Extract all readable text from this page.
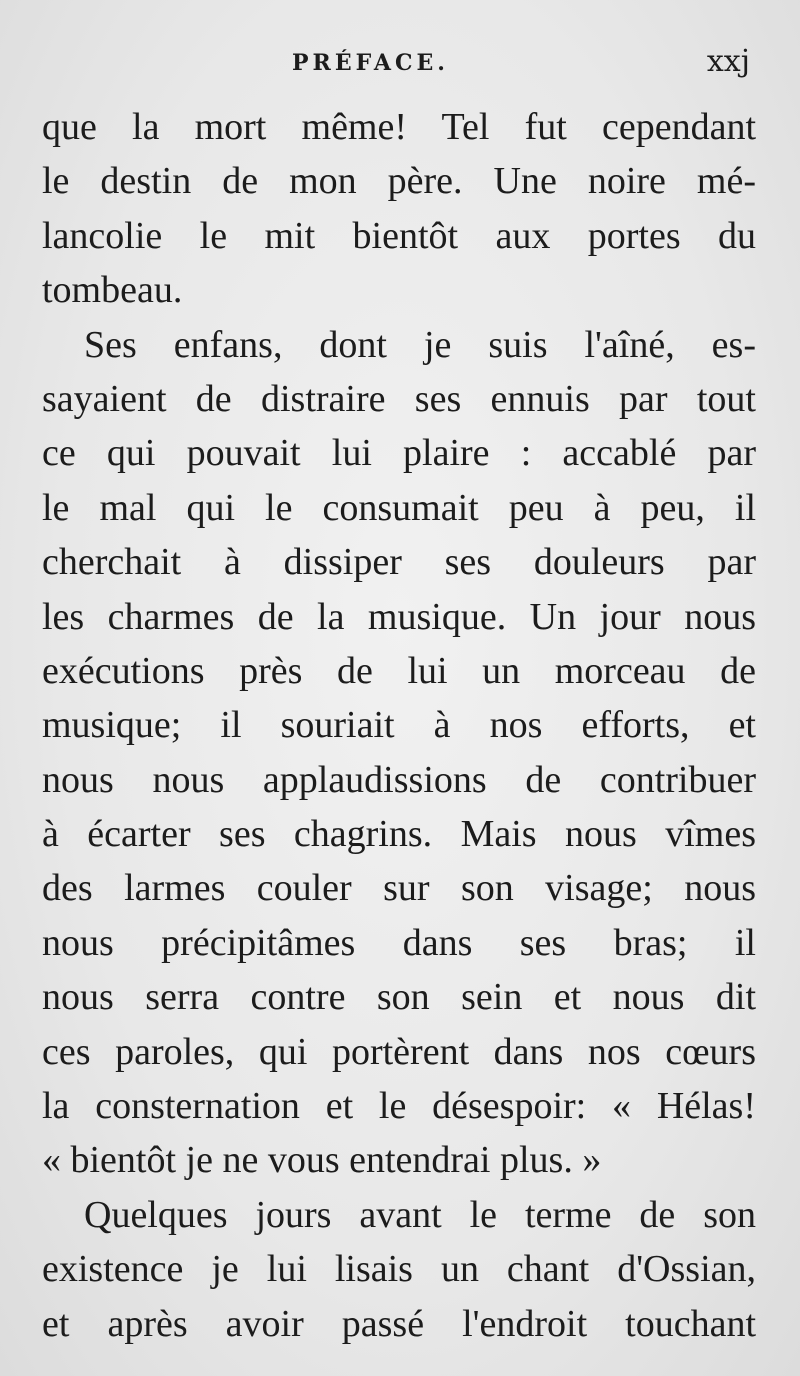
PRÉFACE.	xxj
que la mort même! Tel fut cependant
le destin de mon père. Une noire mé-
lancolie le mit bientôt aux portes du
tombeau.
Ses enfans, dont je suis l'aîné, es-
sayaient de distraire ses ennuis par tout
ce qui pouvait lui plaire : accablé par
le mal qui le consumait peu à peu, il
cherchait à dissiper ses douleurs par
les charmes de la musique. Un jour nous
exécutions près de lui un morceau de
musique; il souriait à nos efforts, et
nous nous applaudissions de contribuer
à écarter ses chagrins. Mais nous vîmes
des larmes couler sur son visage; nous
nous précipitâmes dans ses bras; il
nous serra contre son sein et nous dit
ces paroles, qui portèrent dans nos cœurs
la consternation et le désespoir: « Hélas!
« bientôt je ne vous entendrai plus. »
Quelques jours avant le terme de son
existence je lui lisais un chant d'Ossian,
et après avoir passé l'endroit touchant
